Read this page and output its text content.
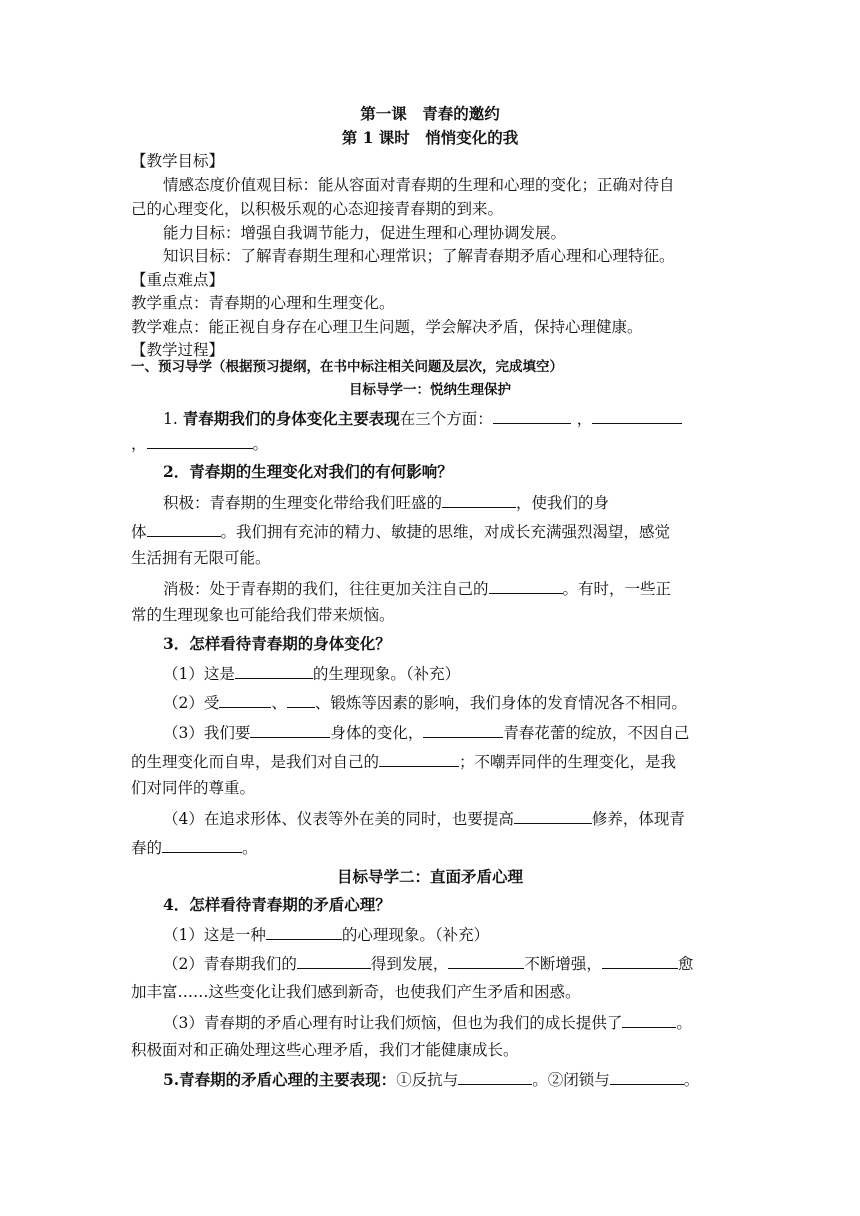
第一课　青春的邀约
第 1 课时　悄悄变化的我
【教学目标】
情感态度价值观目标：能从容面对青春期的生理和心理的变化；正确对待自
己的心理变化，以积极乐观的心态迎接青春期的到来。
能力目标：增强自我调节能力，促进生理和心理协调发展。
知识目标：了解青春期生理和心理常识；了解青春期矛盾心理和心理特征。
【重点难点】
教学重点：青春期的心理和生理变化。
教学难点：能正视自身存在心理卫生问题，学会解决矛盾，保持心理健康。
【教学过程】
一、预习导学（根据预习提纲，在书中标注相关问题及层次，完成填空）
目标导学一：悦纳生理保护
1. 青春期我们的身体变化主要表现在三个方面：	，
，	。
2．青春期的生理变化对我们的有何影响？
积极：青春期的生理变化带给我们旺盛的	，使我们的身
体	。我们拥有充沛的精力、敏捷的思维，对成长充满强烈渴望，感觉
生活拥有无限可能。
消极：处于青春期的我们，往往更加关注自己的	。有时，一些正
常的生理现象也可能给我们带来烦恼。
3．怎样看待青春期的身体变化？
（1）这是	的生理现象。（补充）
（2）受	、 、锻炼等因素的影响，我们身体的发育情况各不相同。
（3）我们要	身体的变化，	青春花蕾的绽放，不因自己
的生理变化而自卑，是我们对自己的	；不嘲弄同伴的生理变化，是我
们对同伴的尊重。
（4）在追求形体、仪表等外在美的同时，也要提高	修养，体现青
春的	。
目标导学二：直面矛盾心理
4．怎样看待青春期的矛盾心理？
（1）这是一种	的心理现象。（补充）
（2）青春期我们的	得到发展，	不断增强，	愈
加丰富……这些变化让我们感到新奇，也使我们产生矛盾和困惑。
（3）青春期的矛盾心理有时让我们烦恼，但也为我们的成长提供了	。
积极面对和正确处理这些心理矛盾，我们才能健康成长。
5.青春期的矛盾心理的主要表现：①反抗与	。②闭锁与	。
